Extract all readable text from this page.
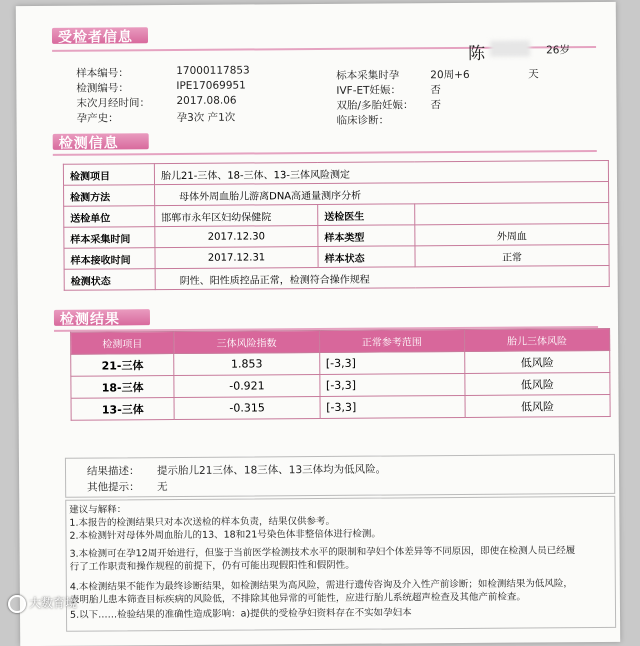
受检者信息
陈	26岁
样本编号：	17000117853
检测编号：	IPE17069951
末次月经时间：	2017.08.06
孕产史：	孕3次 产1次
标本采集时孕	20周+6	天
IVF-ET妊娠：	否
双胎/多胎妊娠： 否
临床诊断：
检测信息
检测项目	胎儿21-三体、18-三体、13-三体风险测定		
检测方法	母体外周血胎儿游离DNA高通量测序分析		
送检单位	邯郸市永年区妇幼保健院	送检医生	
样本采集时间	2017.12.30	样本类型	外周血
样本接收时间	2017.12.31	样本状态	正常
检测状态	阴性、阳性质控品正常，检测符合操作规程		
检测结果
检测项目	三体风险指数	正常参考范围	胎儿三体风险
21-三体	1.853	[-3,3]	低风险
18-三体	-0.921	[-3,3]	低风险
13-三体	-0.315	[-3,3]	低风险
结果描述： 提示胎儿21三体、18三体、13三体均为低风险。
其他提示： 无
建议与解释：
1.本报告的检测结果只对本次送检的样本负责，结果仅供参考。
2.本检测针对母体外周血胎儿的13、18和21号染色体非整倍体进行检测。
3.本检测可在孕12周开始进行，但鉴于当前医学检测技术水平的限制和孕妇个体差异等不同原因，即使在检测人员已经履
行了工作职责和操作规程的前提下，仍有可能出现假阳性和假阴性。
4.本检测结果不能作为最终诊断结果，如检测结果为高风险，需进行遗传咨询及介入性产前诊断；如检测结果为低风险，
表明胎儿患本筛查目标疾病的风险低，不排除其他异常的可能性，应进行胎儿系统超声检查及其他产前检查。
5.以下……检验结果的准确性造成影响：a)提供的受检孕妇资料存在不实如孕妇本
大数育境
